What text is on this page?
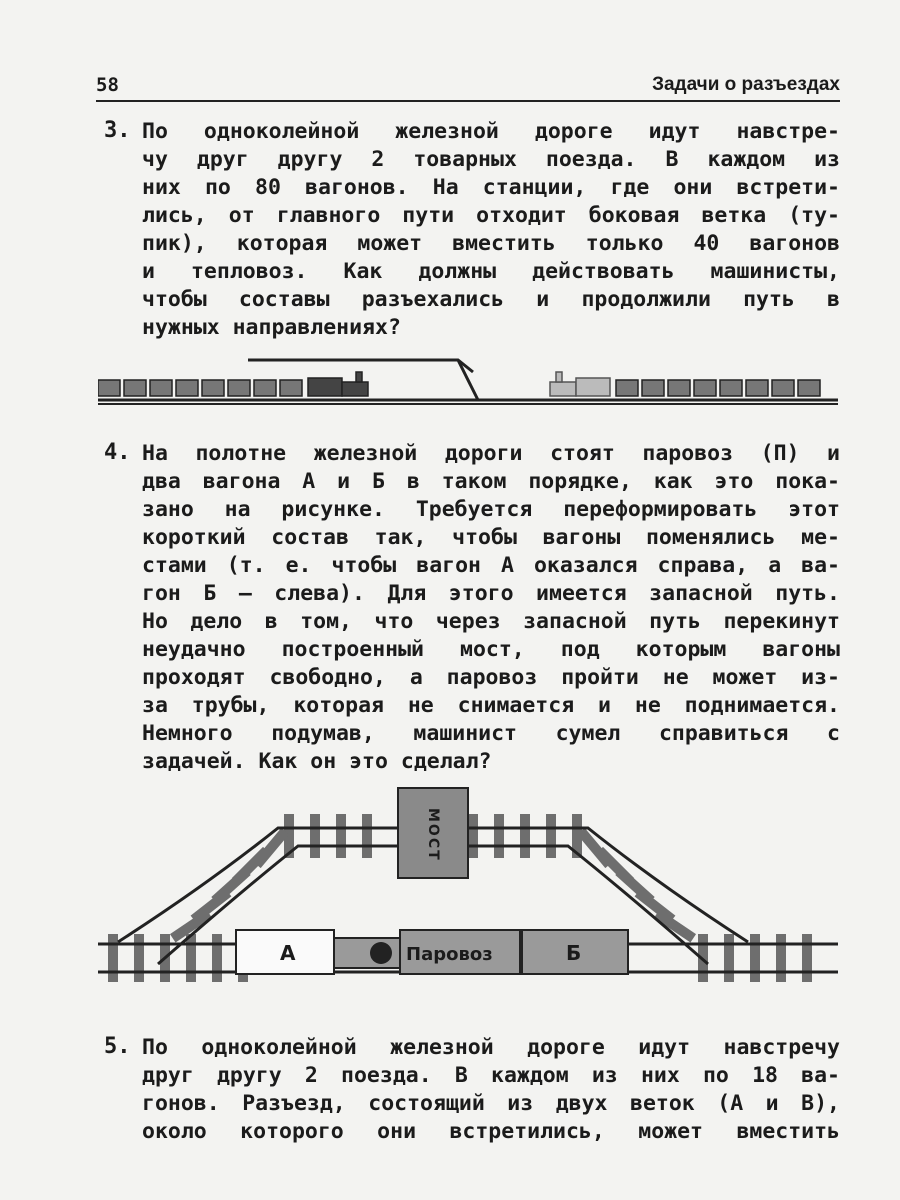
58	Задачи о разъездах
3. По одноколейной железной дороге идут навстре-
чу друг другу 2 товарных поезда. В каждом из
них по 80 вагонов. На станции, где они встрети-
лись, от главного пути отходит боковая ветка (ту-
пик), которая может вместить только 40 вагонов
и тепловоз. Как должны действовать машинисты,
чтобы составы разъехались и продолжили путь в
нужных направлениях?
4. На полотне железной дороги стоят паровоз (П) и
два вагона А и Б в таком порядке, как это пока-
зано на рисунке. Требуется переформировать этот
короткий состав так, чтобы вагоны поменялись ме-
стами (т. е. чтобы вагон А оказался справа, а ва-
гон Б — слева). Для этого имеется запасной путь.
Но дело в том, что через запасной путь перекинут
неудачно построенный мост, под которым вагоны
проходят свободно, а паровоз пройти не может из-
за трубы, которая не снимается и не поднимается.
Немного подумав, машинист сумел справиться с
задачей. Как он это сделал?
МОСТ
А	Паровоз	Б
5. По одноколейной железной дороге идут навстречу
друг другу 2 поезда. В каждом из них по 18 ва-
гонов. Разъезд, состоящий из двух веток (А и В),
около которого они встретились, может вместить
